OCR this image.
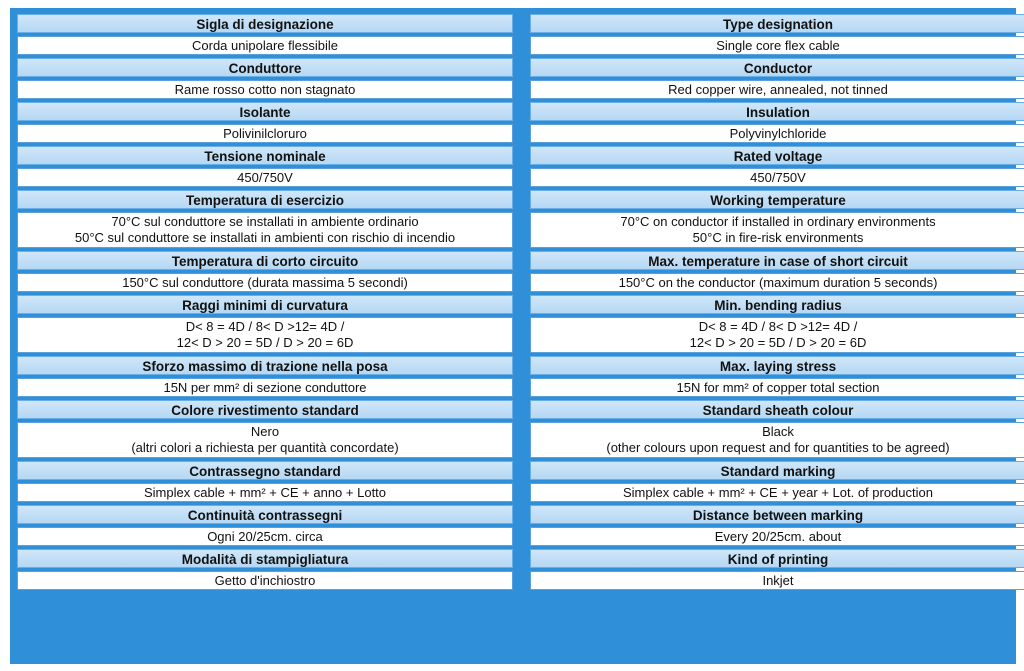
Sigla di designazione
Corda unipolare flessibile
Conduttore
Rame rosso cotto non stagnato
Isolante
Polivinilcloruro
Tensione nominale
450/750V
Temperatura di esercizio
70°C sul conduttore se installati in ambiente ordinario
50°C sul conduttore se installati in ambienti con rischio di incendio
Temperatura di corto circuito
150°C sul conduttore (durata massima 5 secondi)
Raggi minimi di curvatura
D< 8 = 4D / 8< D >12= 4D /
12< D > 20 = 5D / D > 20 = 6D
Sforzo massimo di trazione nella posa
15N per mm² di sezione conduttore
Colore rivestimento standard
Nero
(altri colori a richiesta per quantità concordate)
Contrassegno standard
Simplex cable + mm² + CE + anno + Lotto
Continuità contrassegni
Ogni 20/25cm. circa
Modalità di stampigliatura
Getto d'inchiostro
Type designation
Single core flex cable
Conductor
Red copper wire, annealed, not tinned
Insulation
Polyvinylchloride
Rated voltage
450/750V
Working temperature
70°C on conductor if installed in ordinary environments
50°C in fire-risk environments
Max. temperature in case of short circuit
150°C on the conductor (maximum duration 5 seconds)
Min. bending radius
D< 8 = 4D / 8< D >12= 4D /
12< D > 20 = 5D / D > 20 = 6D
Max. laying stress
15N for mm² of copper total section
Standard sheath colour
Black
(other colours upon request and for quantities to be agreed)
Standard marking
Simplex cable + mm² + CE + year + Lot. of production
Distance between marking
Every 20/25cm. about
Kind of printing
Inkjet
